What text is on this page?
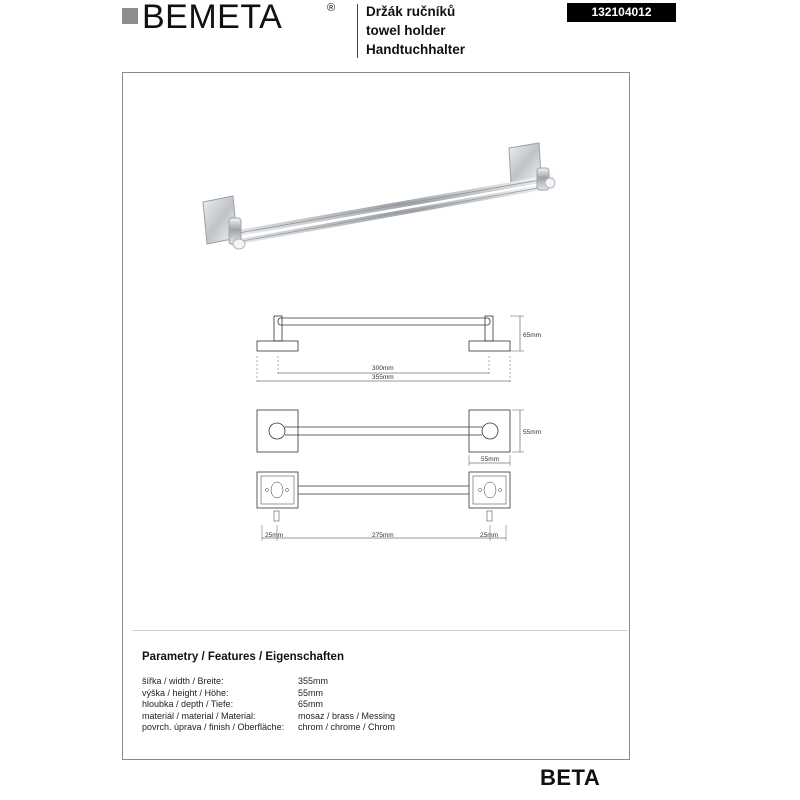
BEMETA	® Držák ručníků
towel holder
Handtuchhalter
132104012
65mm
300mm
355mm
55mm
55mm
25mm	275mm	25mm
Parametry / Features / Eigenschaften
šířka / width / Breite:	355mm
výška / height / Höhe:	55mm
hloubka / depth / Tiefe:	65mm
materiál / material / Material:	mosaz / brass / Messing
povrch. úprava / finish / Oberfläche:	chrom / chrome / Chrom
BETA
